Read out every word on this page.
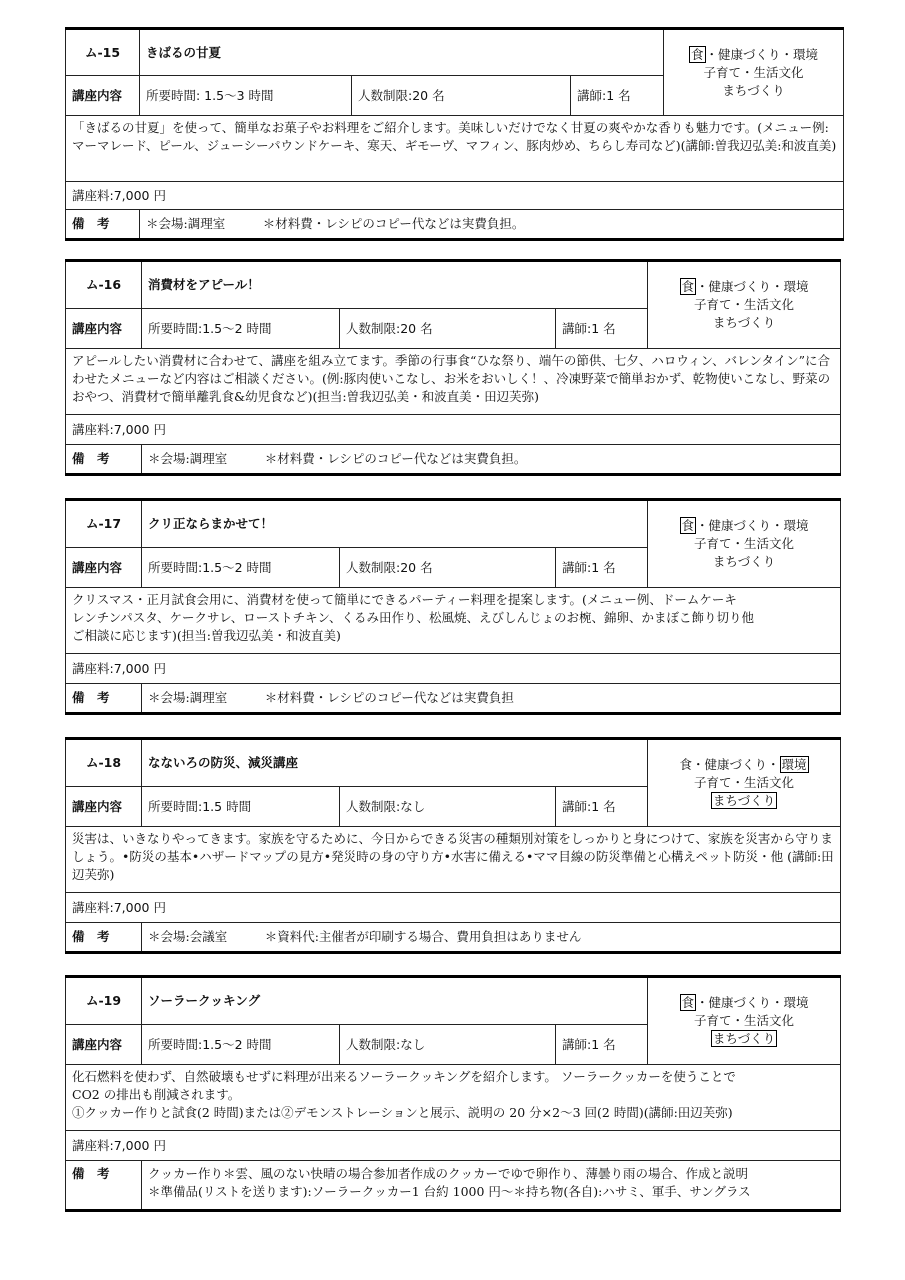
ム-15	きばるの甘夏			食 ・健康づくり・環境
子育て・生活文化
まちづくり

講座内容	所要時間: 1.5〜3 時間	人数制限:20 名	講師:1 名	
「きばるの甘夏」を使って、簡単なお菓子やお料理をご紹介します。美味しいだけでなく甘夏の爽やかな香りも魅力です。(メニュー例:マーマレード、ピール、ジューシーパウンドケーキ、寒天、ギモーヴ、マフィン、豚肉炒め、ちらし寿司など)(講師:曽我辺弘美:和波直美)				
講座料:7,000 円				
備　考	＊会場:調理室　　　＊材料費・レシピのコピー代などは実費負担。			
ム-16	消費材をアピール！			食 ・健康づくり・環境
子育て・生活文化
まちづくり

講座内容	所要時間:1.5〜2 時間	人数制限:20 名	講師:1 名	
アピールしたい消費材に合わせて、講座を組み立てます。季節の行事食“ひな祭り、端午の節供、七夕、ハロウィン、バレンタイン”に合わせたメニューなど内容はご相談ください。(例:豚肉使いこなし、お米をおいしく！、冷凍野菜で簡単おかず、乾物使いこなし、野菜のおやつ、消費材で簡単離乳食&幼児食など)(担当:曽我辺弘美・和波直美・田辺芙弥)				
講座料:7,000 円				
備　考	＊会場:調理室　　　＊材料費・レシピのコピー代などは実費負担。			
ム-17	クリ正ならまかせて！			食 ・健康づくり・環境
子育て・生活文化
まちづくり

講座内容	所要時間:1.5〜2 時間	人数制限:20 名	講師:1 名	

クリスマス・正月試食会用に、消費材を使って簡単にできるパーティー料理を提案します。(メニュー例、ドームケーキ
レンチンパスタ、ケークサレ、ローストチキン、くるみ田作り、松風焼、えびしんじょのお椀、錦卵、かまぼこ飾り切り他
ご相談に応じます)(担当:曽我辺弘美・和波直美)				

講座料:7,000 円				
備　考	＊会場:調理室　　　＊材料費・レシピのコピー代などは実費負担			
ム-18	なないろの防災、減災講座			食・健康づくり・ 環境
子育て・生活文化
まちづくり

講座内容	所要時間:1.5 時間	人数制限:なし	講師:1 名	
災害は、いきなりやってきます。家族を守るために、今日からできる災害の種類別対策をしっかりと身につけて、家族を災害から守りましょう。•防災の基本•ハザードマップの見方•発災時の身の守り方•水害に備える•ママ目線の防災準備と心構えペット防災・他 (講師:田辺芙弥)				
講座料:7,000 円				
備　考	＊会場:会議室　　　＊資料代:主催者が印刷する場合、費用負担はありません			
ム-19	ソーラークッキング			食 ・健康づくり・環境
子育て・生活文化
まちづくり

講座内容	所要時間:1.5〜2 時間	人数制限:なし	講師:1 名	

化石燃料を使わず、自然破壊もせずに料理が出来るソーラークッキングを紹介します。 ソーラークッカーを使うことで
CO2 の排出も削減されます。
①クッカー作りと試食(2 時間)または②デモンストレーションと展示、説明の 20 分×2〜3 回(2 時間)(講師:田辺芙弥)				

講座料:7,000 円				
備　考	クッカー作り＊雲、風のない快晴の場合参加者作成のクッカーでゆで卵作り、薄曇り雨の場合、作成と説明
＊準備品(リストを送ります):ソーラークッカー1 台約 1000 円〜＊持ち物(各自):ハサミ、軍手、サングラス			
